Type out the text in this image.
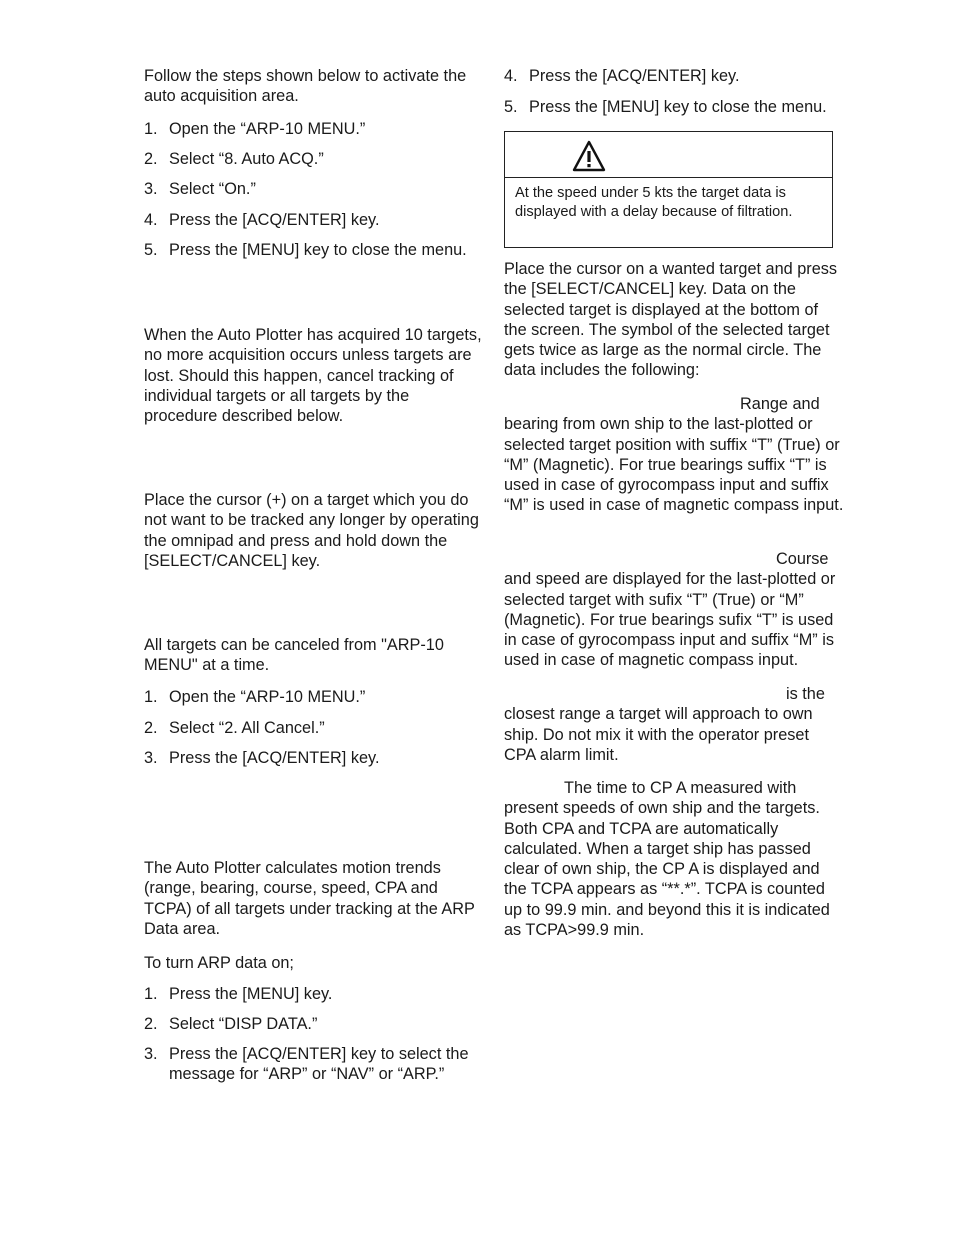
Follow the steps shown below to activate the auto acquisition area.

1. Open the “ARP-10 MENU.”
2. Select “8. Auto ACQ.”
3. Select “On.”
4. Press the [ACQ/ENTER] key.
5. Press the [MENU] key to close the menu.

When the Auto Plotter has acquired 10 targets, no more acquisition occurs unless targets are lost. Should this happen, cancel tracking of individual targets or all targets by the procedure described below.

Place the cursor (+) on a target which you do not want to be tracked any longer by operating the omnipad and press and hold down the [SELECT/CANCEL] key.

All targets can be canceled from "ARP-10 MENU" at a time.

1. Open the “ARP-10 MENU.”
2. Select “2. All Cancel.”
3. Press the [ACQ/ENTER] key.

The Auto Plotter calculates motion trends (range, bearing, course, speed, CPA and TCPA) of all targets under tracking at the ARP Data area.

To turn ARP data on;

1. Press the [MENU] key.
2. Select “DISP DATA.”
3. Press the [ACQ/ENTER] key to select the message for “ARP” or “NAV” or “ARP.”
4. Press the [ACQ/ENTER] key.
5. Press the [MENU] key to close the menu.
At the speed under 5 kts the target data is displayed with a delay because of filtration.

Place the cursor on a wanted target and press the [SELECT/CANCEL] key. Data on the selected target is displayed at the bottom of the screen. The symbol of the selected target gets twice as large as the normal circle. The data includes the following:

Range and bearing from own ship to the last-plotted or selected target position with suffix “T” (True) or “M” (Magnetic). For true bearings suffix “T” is used in case of gyrocompass input and suffix “M” is used in case of magnetic compass input.

Course and speed are displayed for the last-plotted or selected target with sufix “T” (True) or “M” (Magnetic). For true bearings sufix “T” is used in case of gyrocompass input and suffix “M” is used in case of magnetic compass input.

is the closest range a target will approach to own ship. Do not mix it with the operator preset CPA alarm limit.

The time to CP A measured with present speeds of own ship and the targets. Both CPA and TCPA are automatically calculated. When a target ship has passed clear of own ship, the CP A is displayed and the TCPA appears as “**.*”. TCPA is counted up to 99.9 min. and beyond this it is indicated as TCPA>99.9 min.
